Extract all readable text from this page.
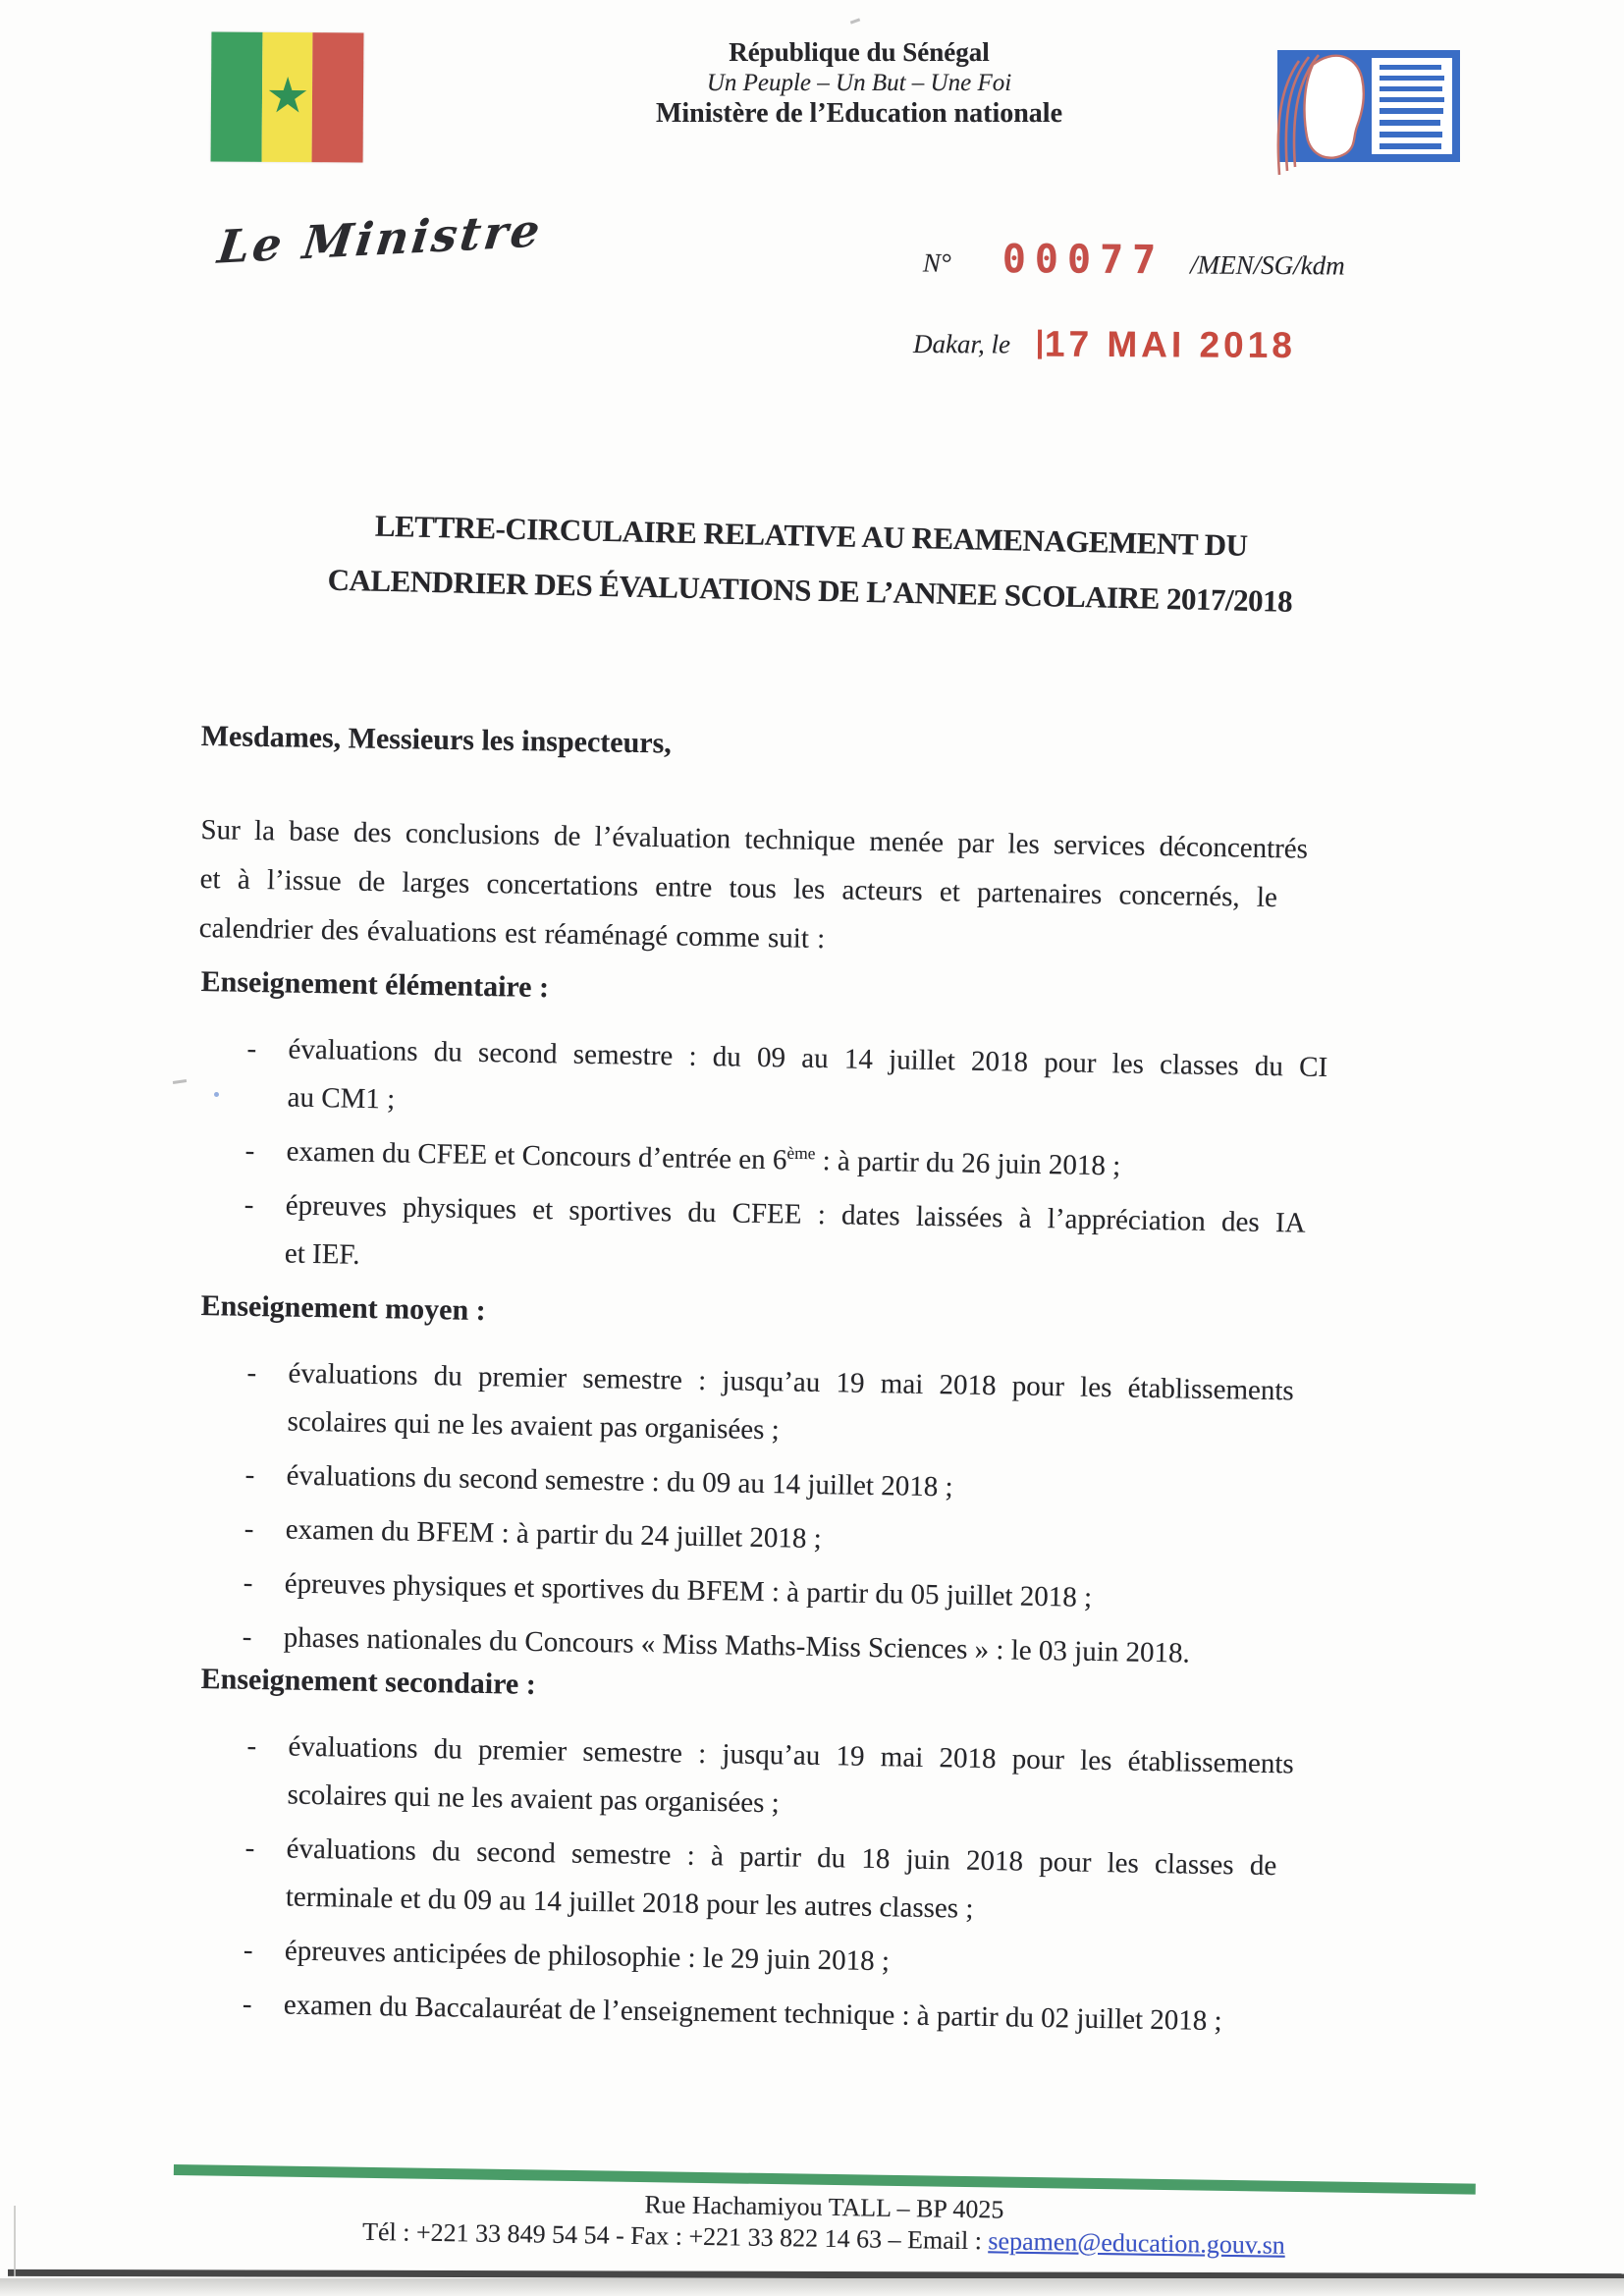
République du Sénégal
Un Peuple – Un But – Une Foi
Ministère de l’Education nationale
Le Ministre	N° 00077 /MEN/SG/kdm
Dakar, le 17 MAI 2018
LETTRE-CIRCULAIRE RELATIVE AU REAMENAGEMENT DU
CALENDRIER DES ÉVALUATIONS DE L’ANNEE SCOLAIRE 2017/2018
Mesdames, Messieurs les inspecteurs,
Sur la base des conclusions de l’évaluation technique menée par les services déconcentrés
et à l’issue de larges concertations entre tous les acteurs et partenaires concernés, le
calendrier des évaluations est réaménagé comme suit :
Enseignement élémentaire :
- évaluations du second semestre : du 09 au 14 juillet 2018 pour les classes du CI
au CM1 ;
- examen du CFEE et Concours d’entrée en 6ème : à partir du 26 juin 2018 ;
- épreuves physiques et sportives du CFEE : dates laissées à l’appréciation des IA
et IEF.
Enseignement moyen :
- évaluations du premier semestre : jusqu’au 19 mai 2018 pour les établissements
scolaires qui ne les avaient pas organisées ;
- évaluations du second semestre : du 09 au 14 juillet 2018 ;
- examen du BFEM : à partir du 24 juillet 2018 ;
- épreuves physiques et sportives du BFEM : à partir du 05 juillet 2018 ;
- phases nationales du Concours « Miss Maths-Miss Sciences » : le 03 juin 2018.
Enseignement secondaire :
- évaluations du premier semestre : jusqu’au 19 mai 2018 pour les établissements
scolaires qui ne les avaient pas organisées ;
- évaluations du second semestre : à partir du 18 juin 2018 pour les classes de
terminale et du 09 au 14 juillet 2018 pour les autres classes ;
- épreuves anticipées de philosophie : le 29 juin 2018 ;
- examen du Baccalauréat de l’enseignement technique : à partir du 02 juillet 2018 ;
Rue Hachamiyou TALL – BP 4025
Tél : +221 33 849 54 54 - Fax : +221 33 822 14 63 – Email : sepamen@education.gouv.sn
